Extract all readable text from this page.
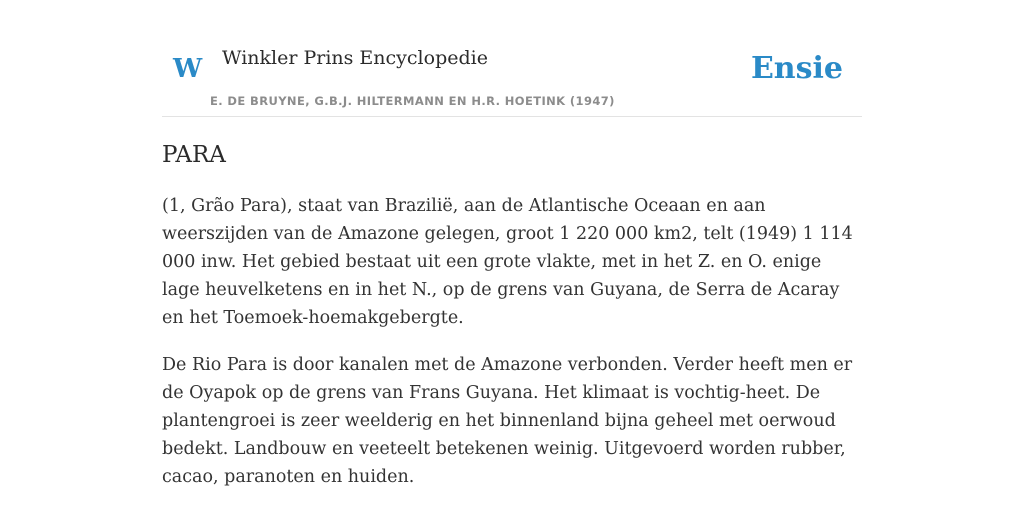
W Winkler Prins Encyclopedie
E. DE BRUYNE, G.B.J. HILTERMANN EN H.R. HOETINK (1947)
Ensie
PARA

(1, Grão Para), staat van Brazilië, aan de Atlantische Oceaan en aan weerszijden van de Amazone gelegen, groot 1 220 000 km2, telt (1949) 1 114 000 inw. Het gebied bestaat uit een grote vlakte, met in het Z. en O. enige lage heuvelketens en in het N., op de grens van Guyana, de Serra de Acaray en het Toemoek-hoemakgebergte.

De Rio Para is door kanalen met de Amazone verbonden. Verder heeft men er de Oyapok op de grens van Frans Guyana. Het klimaat is vochtig-heet. De plantengroei is zeer weelderig en het binnenland bijna geheel met oerwoud bedekt. Landbouw en veeteelt betekenen weinig. Uitgevoerd worden rubber, cacao, paranoten en huiden.
